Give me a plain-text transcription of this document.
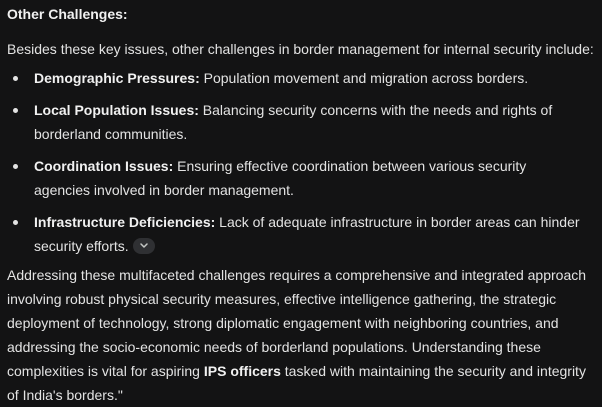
Other Challenges:
Besides these key issues, other challenges in border management for internal security include:
Demographic Pressures: Population movement and migration across borders.
Local Population Issues: Balancing security concerns with the needs and rights of borderland communities.
Coordination Issues: Ensuring effective coordination between various security agencies involved in border management.
Infrastructure Deficiencies: Lack of adequate infrastructure in border areas can hinder security efforts.
Addressing these multifaceted challenges requires a comprehensive and integrated approach involving robust physical security measures, effective intelligence gathering, the strategic deployment of technology, strong diplomatic engagement with neighboring countries, and addressing the socio-economic needs of borderland populations. Understanding these complexities is vital for aspiring IPS officers tasked with maintaining the security and integrity of India's borders."
